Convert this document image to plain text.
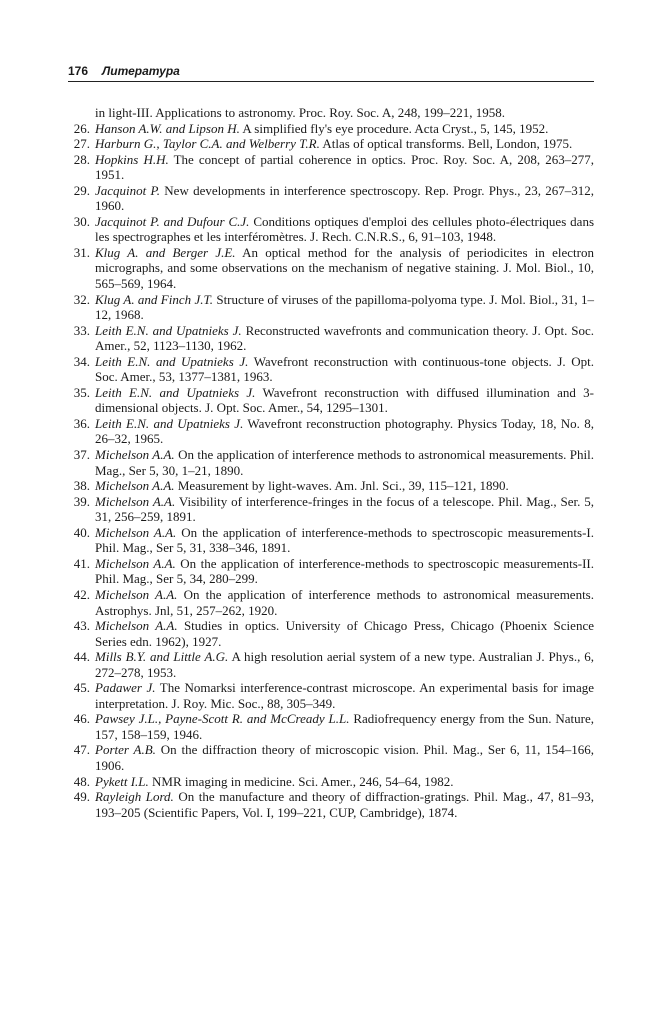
176 Литература
in light-III. Applications to astronomy. Proc. Roy. Soc. A, 248, 199–221, 1958.
26. Hanson A.W. and Lipson H. A simplified fly's eye procedure. Acta Cryst., 5, 145, 1952.
27. Harburn G., Taylor C.A. and Welberry T.R. Atlas of optical transforms. Bell, London, 1975.
28. Hopkins H.H. The concept of partial coherence in optics. Proc. Roy. Soc. A, 208, 263–277, 1951.
29. Jacquinot P. New developments in interference spectroscopy. Rep. Progr. Phys., 23, 267–312, 1960.
30. Jacquinot P. and Dufour C.J. Conditions optiques d'emploi des cellules photo-électriques dans les spectrographes et les interféromètres. J. Rech. C.N.R.S., 6, 91–103, 1948.
31. Klug A. and Berger J.E. An optical method for the analysis of periodicites in electron micrographs, and some observations on the mechanism of negative staining. J. Mol. Biol., 10, 565–569, 1964.
32. Klug A. and Finch J.T. Structure of viruses of the papilloma-polyoma type. J. Mol. Biol., 31, 1–12, 1968.
33. Leith E.N. and Upatnieks J. Reconstructed wavefronts and communication theory. J. Opt. Soc. Amer., 52, 1123–1130, 1962.
34. Leith E.N. and Upatnieks J. Wavefront reconstruction with continuous-tone objects. J. Opt. Soc. Amer., 53, 1377–1381, 1963.
35. Leith E.N. and Upatnieks J. Wavefront reconstruction with diffused illumination and 3-dimensional objects. J. Opt. Soc. Amer., 54, 1295–1301.
36. Leith E.N. and Upatnieks J. Wavefront reconstruction photography. Physics Today, 18, No. 8, 26–32, 1965.
37. Michelson A.A. On the application of interference methods to astronomical measurements. Phil. Mag., Ser 5, 30, 1–21, 1890.
38. Michelson A.A. Measurement by light-waves. Am. Jnl. Sci., 39, 115–121, 1890.
39. Michelson A.A. Visibility of interference-fringes in the focus of a telescope. Phil. Mag., Ser. 5, 31, 256–259, 1891.
40. Michelson A.A. On the application of interference-methods to spectroscopic measurements-I. Phil. Mag., Ser 5, 31, 338–346, 1891.
41. Michelson A.A. On the application of interference-methods to spectroscopic measurements-II. Phil. Mag., Ser 5, 34, 280–299.
42. Michelson A.A. On the application of interference methods to astronomical measurements. Astrophys. Jnl, 51, 257–262, 1920.
43. Michelson A.A. Studies in optics. University of Chicago Press, Chicago (Phoenix Science Series edn. 1962), 1927.
44. Mills B.Y. and Little A.G. A high resolution aerial system of a new type. Australian J. Phys., 6, 272–278, 1953.
45. Padawer J. The Nomarksi interference-contrast microscope. An experimental basis for image interpretation. J. Roy. Mic. Soc., 88, 305–349.
46. Pawsey J.L., Payne-Scott R. and McCready L.L. Radiofrequency energy from the Sun. Nature, 157, 158–159, 1946.
47. Porter A.B. On the diffraction theory of microscopic vision. Phil. Mag., Ser 6, 11, 154–166, 1906.
48. Pykett I.L. NMR imaging in medicine. Sci. Amer., 246, 54–64, 1982.
49. Rayleigh Lord. On the manufacture and theory of diffraction-gratings. Phil. Mag., 47, 81–93, 193–205 (Scientific Papers, Vol. I, 199–221, CUP, Cambridge), 1874.
